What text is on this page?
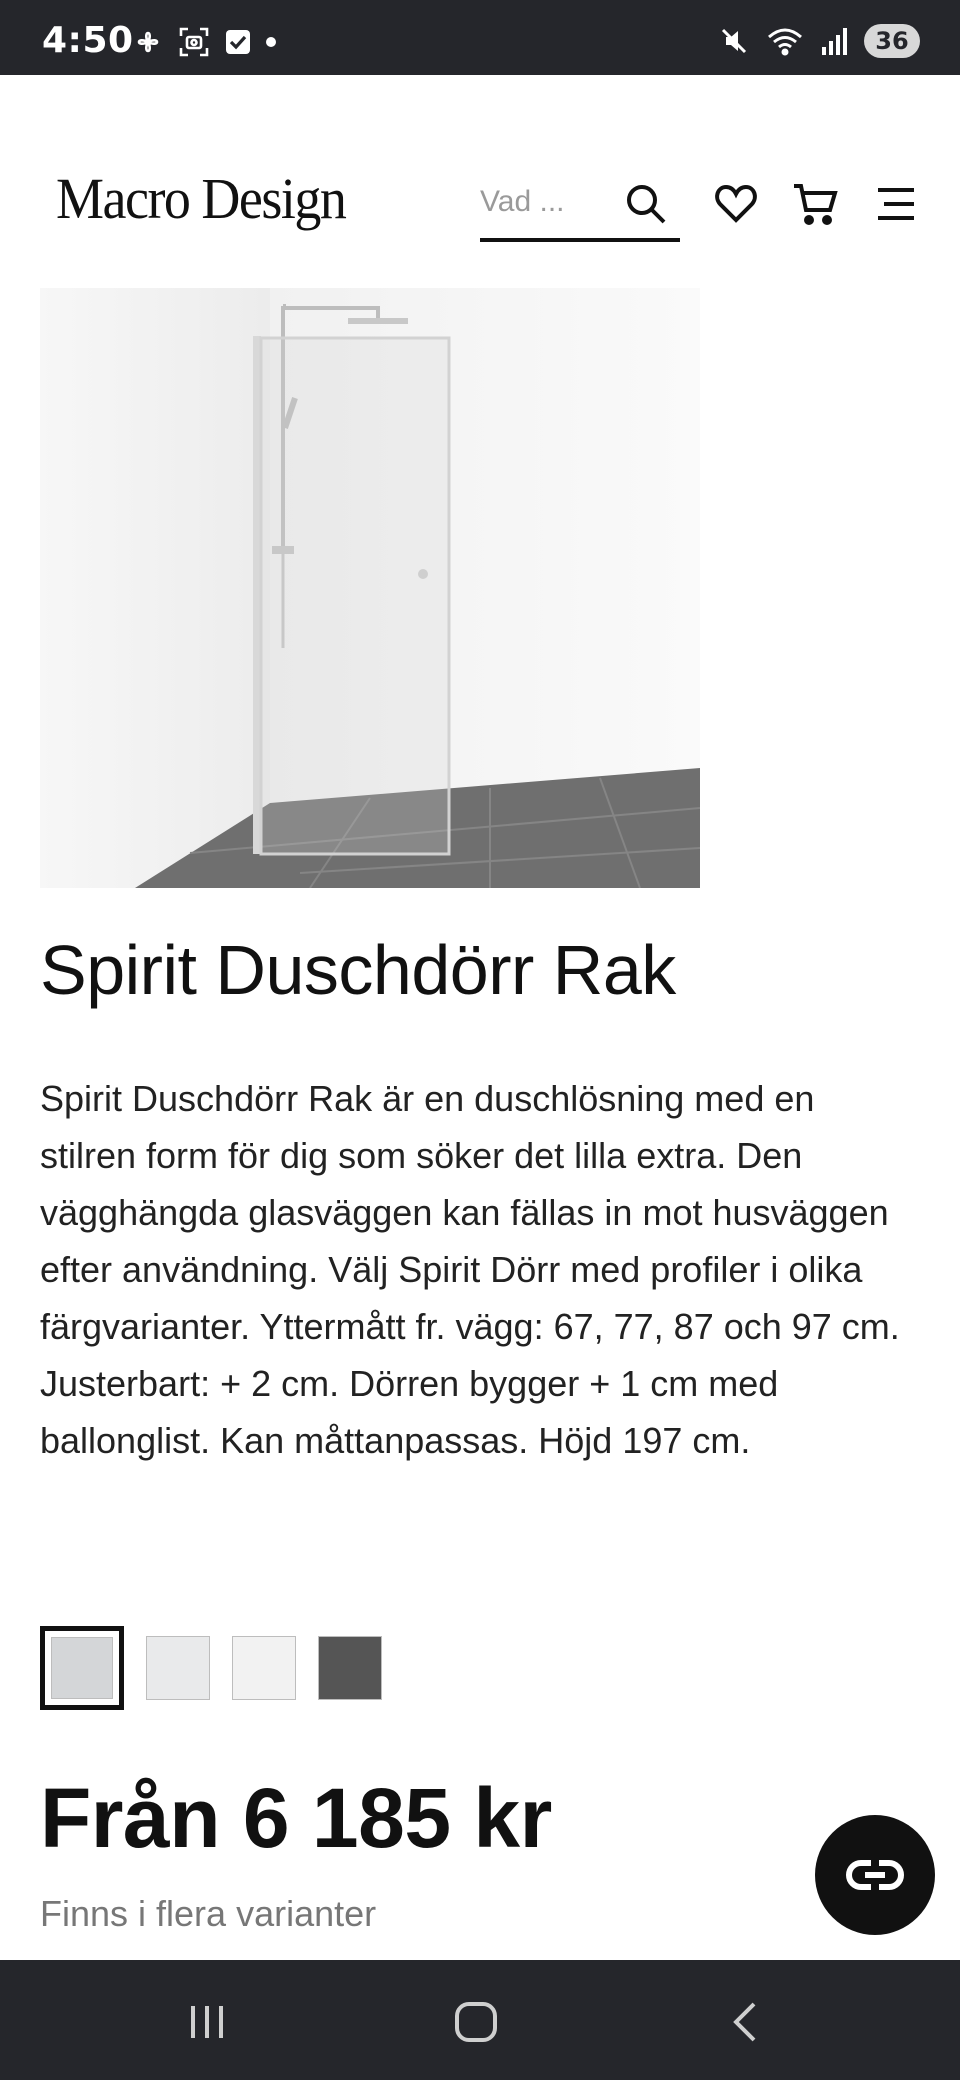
4:50	36
Macro Design
Vad ...
Spirit Duschdörr Rak

Spirit Duschdörr Rak är en duschlösning med en stilren form för dig som söker det lilla extra. Den vägghängda glasväggen kan fällas in mot husväggen efter användning. Välj Spirit Dörr med profiler i olika färgvarianter. Yttermått fr. vägg: 67, 77, 87 och 97 cm. Justerbart: + 2 cm. Dörren bygger + 1 cm med ballonglist. Kan måttanpassas. Höjd 197 cm.

Från 6 185 kr
Finns i flera varianter
